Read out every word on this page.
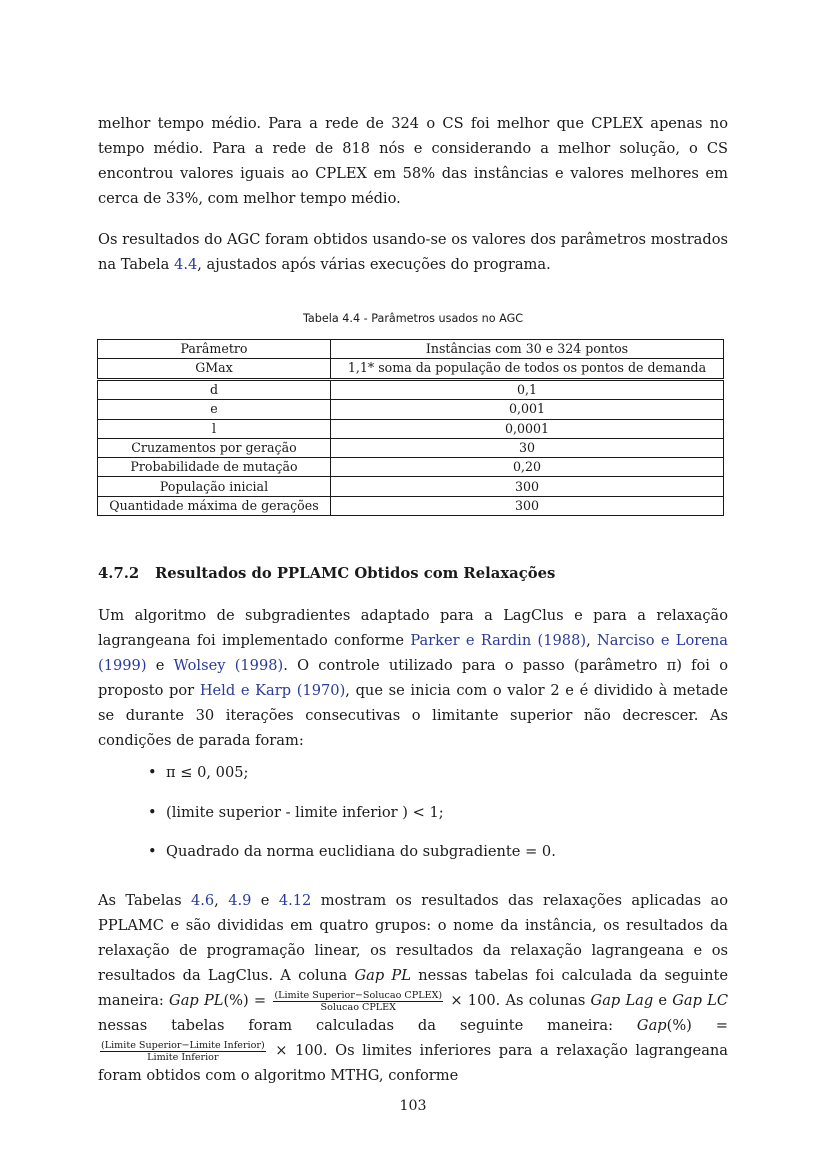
melhor tempo médio. Para a rede de 324 o CS foi melhor que CPLEX apenas no tempo médio. Para a rede de 818 nós e considerando a melhor solução, o CS encontrou valores iguais ao CPLEX em 58% das instâncias e valores melhores em cerca de 33%, com melhor tempo médio.

Os resultados do AGC foram obtidos usando-se os valores dos parâmetros mostrados na Tabela 4.4, ajustados após várias execuções do programa.

Tabela 4.4 - Parâmetros usados no AGC
Parâmetro	Instâncias com 30 e 324 pontos
GMax	1,1* soma da população de todos os pontos de demanda
d	0,1
e	0,001
l	0,0001
Cruzamentos por geração	30
Probabilidade de mutação	0,20
População inicial	300
Quantidade máxima de gerações	300
4.7.2 Resultados do PPLAMC Obtidos com Relaxações

Um algoritmo de subgradientes adaptado para a LagClus e para a relaxação lagrangeana foi implementado conforme Parker e Rardin (1988), Narciso e Lorena (1999) e Wolsey (1998). O controle utilizado para o passo (parâmetro π) foi o proposto por Held e Karp (1970), que se inicia com o valor 2 e é dividido à metade se durante 30 iterações consecutivas o limitante superior não decrescer. As condições de parada foram:

• π ≤ 0, 005;
• (limite superior - limite inferior ) < 1;
• Quadrado da norma euclidiana do subgradiente = 0.

As Tabelas 4.6, 4.9 e 4.12 mostram os resultados das relaxações aplicadas ao PPLAMC e são divididas em quatro grupos: o nome da instância, os resultados da relaxação de programação linear, os resultados da relaxação lagrangeana e os resultados da LagClus. A coluna Gap PL nessas tabelas foi calculada da seguinte maneira: Gap $PL(\%) = \frac{\text{(Limite Superior−Solucao CPLEX)}}{\text{Solucao CPLEX}} \times 100$. As colunas Gap Lag e Gap LC nessas tabelas foram calculadas da seguinte maneira: Gap(%) =
$\frac{\text{(Limite Superior−Limite Inferior)}}{\text{Limite Inferior}} \times 100$. Os limites inferiores para a relaxação lagrangeana foram obtidos com o algoritmo MTHG, conforme

103
